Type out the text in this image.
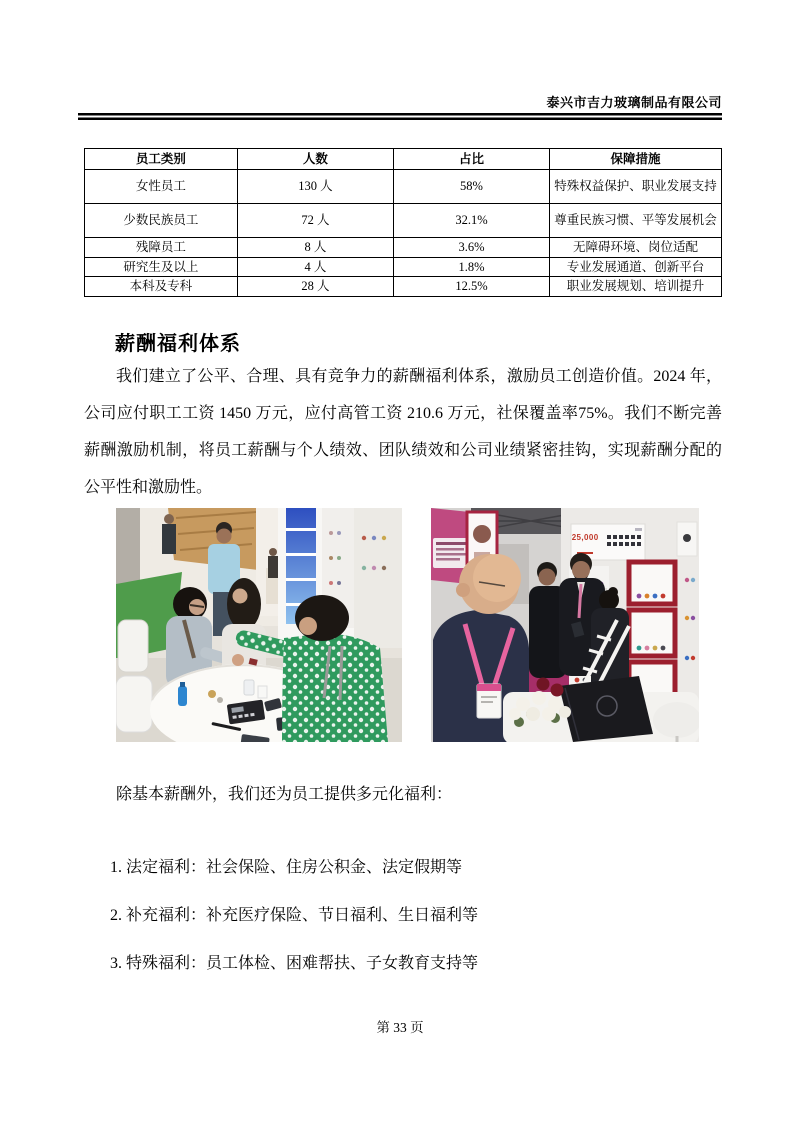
泰兴市吉力玻璃制品有限公司
员工类别	人数	占比	保障措施
女性员工	130 人	58%	特殊权益保护、职业发展支持
少数民族员工	72 人	32.1%	尊重民族习惯、平等发展机会
残障员工	8 人	3.6%	无障碍环境、岗位适配
研究生及以上	4 人	1.8%	专业发展通道、创新平台
本科及专科	28 人	12.5%	职业发展规划、培训提升
薪酬福利体系

我们建立了公平、合理、具有竞争力的薪酬福利体系，激励员工创造价值。2024 年，公司应付职工工资 1450 万元，应付高管工资 210.6 万元，社保覆盖率75%。我们不断完善薪酬激励机制，将员工薪酬与个人绩效、团队绩效和公司业绩紧密挂钩，实现薪酬分配的公平性和激励性。

25,000

除基本薪酬外，我们还为员工提供多元化福利：

1. 法定福利：社会保险、住房公积金、法定假期等

2. 补充福利：补充医疗保险、节日福利、生日福利等

3. 特殊福利：员工体检、困难帮扶、子女教育支持等

第 33 页
